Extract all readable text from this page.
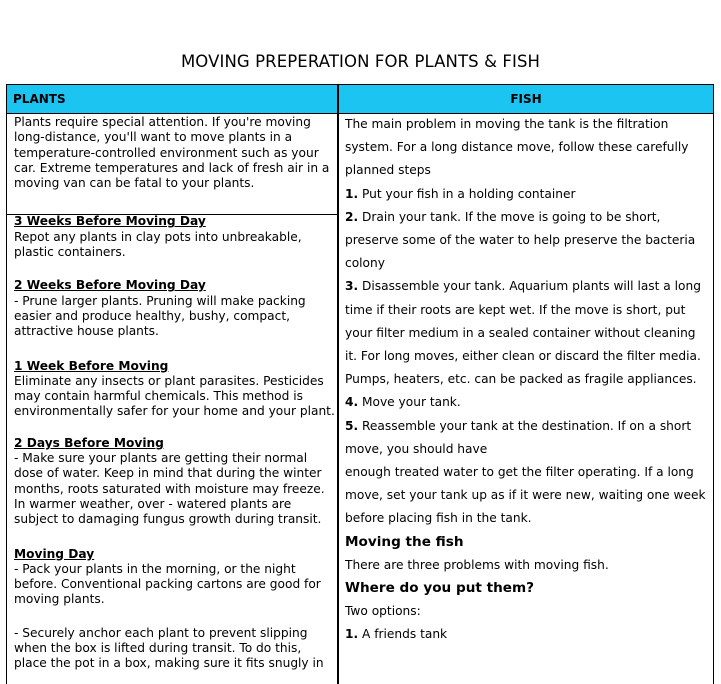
MOVING PREPERATION FOR PLANTS & FISH
PLANTS	FISH

Plants require special attention. If you're moving

long-distance, you'll want to move plants in a

temperature-controlled environment such as your

car. Extreme temperatures and lack of fresh air in a

moving van can be fatal to your plants.

3 Weeks Before Moving Day

Repot any plants in clay pots into unbreakable,

plastic containers.

2 Weeks Before Moving Day

- Prune larger plants. Pruning will make packing

easier and produce healthy, bushy, compact,

attractive house plants.

1 Week Before Moving

Eliminate any insects or plant parasites. Pesticides

may contain harmful chemicals. This method is

environmentally safer for your home and your plant.

2 Days Before Moving

- Make sure your plants are getting their normal

dose of water. Keep in mind that during the winter

months, roots saturated with moisture may freeze.

In warmer weather, over - watered plants are

subject to damaging fungus growth during transit.

Moving Day

- Pack your plants in the morning, or the night

before. Conventional packing cartons are good for

moving plants.

- Securely anchor each plant to prevent slipping

when the box is lifted during transit. To do this,

place the pot in a box, making sure it fits snugly in

The main problem in moving the tank is the filtration

system. For a long distance move, follow these carefully

planned steps

1. Put your fish in a holding container

2. Drain your tank. If the move is going to be short,

preserve some of the water to help preserve the bacteria

colony

3. Disassemble your tank. Aquarium plants will last a long

time if their roots are kept wet. If the move is short, put

your filter medium in a sealed container without cleaning

it. For long moves, either clean or discard the filter media.

Pumps, heaters, etc. can be packed as fragile appliances.

4. Move your tank.

5. Reassemble your tank at the destination. If on a short

move, you should have

enough treated water to get the filter operating. If a long

move, set your tank up as if it were new, waiting one week

before placing fish in the tank.

Moving the fish

There are three problems with moving fish.

Where do you put them?

Two options:

1. A friends tank
